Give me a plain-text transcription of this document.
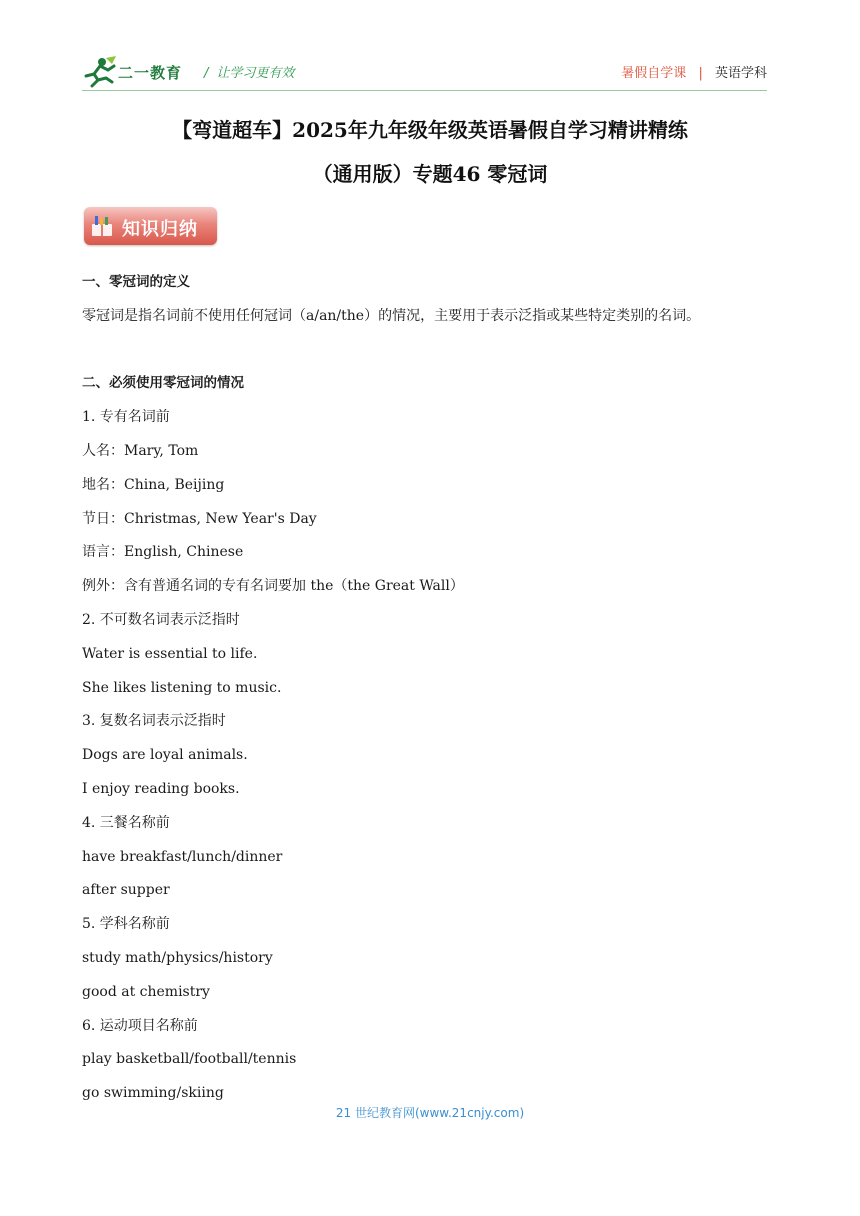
二一教育 / 让学习更有效	暑假自学课 | 英语学科
【弯道超车】2025年九年级年级英语暑假自学习精讲精练
（通用版）专题46 零冠词
知识归纳
一、零冠词的定义
零冠词是指名词前不使用任何冠词（a/an/the）的情况，主要用于表示泛指或某些特定类别的名词。
二、必须使用零冠词的情况
1. 专有名词前
人名：Mary, Tom
地名：China, Beijing
节日：Christmas, New Year's Day
语言：English, Chinese
例外：含有普通名词的专有名词要加 the（the Great Wall）
2. 不可数名词表示泛指时
Water is essential to life.
She likes listening to music.
3. 复数名词表示泛指时
Dogs are loyal animals.
I enjoy reading books.
4. 三餐名称前
have breakfast/lunch/dinner
after supper
5. 学科名称前
study math/physics/history
good at chemistry
6. 运动项目名称前
play basketball/football/tennis
go swimming/skiing
21 世纪教育网(www.21cnjy.com)
